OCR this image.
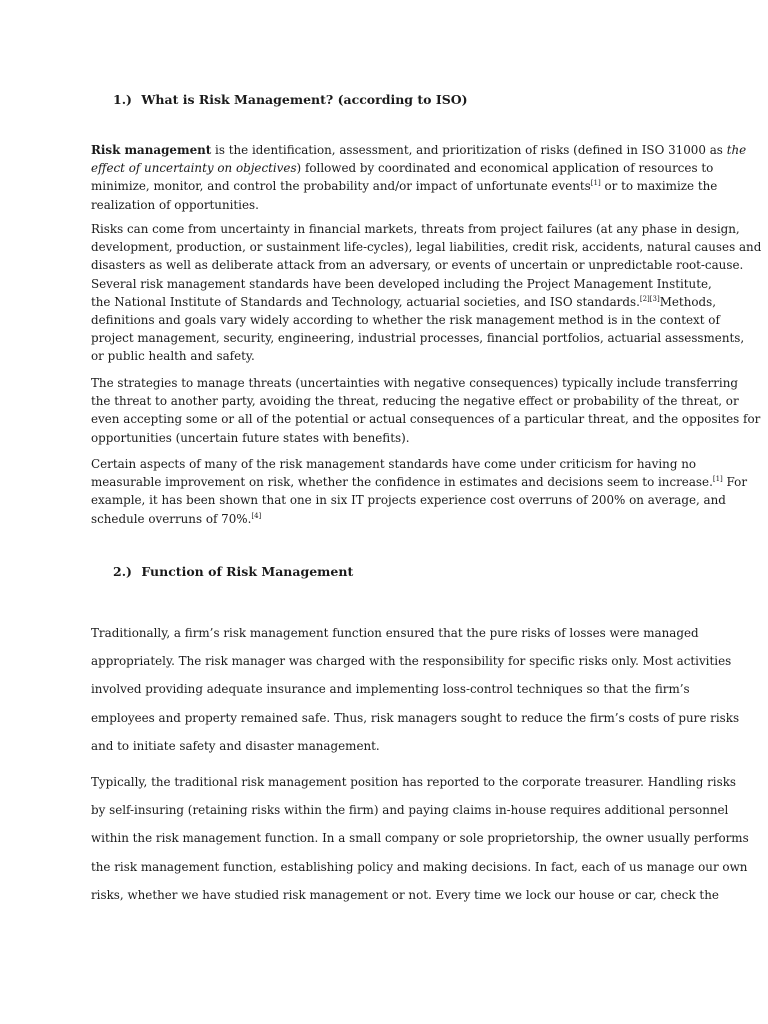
1.) What is Risk Management? (according to ISO)

Risk management is the identification, assessment, and prioritization of risks (defined in ISO 31000 as the
effect of uncertainty on objectives) followed by coordinated and economical application of resources to
minimize, monitor, and control the probability and/or impact of unfortunate events[1] or to maximize the
realization of opportunities.

Risks can come from uncertainty in financial markets, threats from project failures (at any phase in design,
development, production, or sustainment life-cycles), legal liabilities, credit risk, accidents, natural causes and
disasters as well as deliberate attack from an adversary, or events of uncertain or unpredictable root-cause.
Several risk management standards have been developed including the Project Management Institute,
the National Institute of Standards and Technology, actuarial societies, and ISO standards.[2][3]Methods,
definitions and goals vary widely according to whether the risk management method is in the context of
project management, security, engineering, industrial processes, financial portfolios, actuarial assessments,
or public health and safety.

The strategies to manage threats (uncertainties with negative consequences) typically include transferring
the threat to another party, avoiding the threat, reducing the negative effect or probability of the threat, or
even accepting some or all of the potential or actual consequences of a particular threat, and the opposites for
opportunities (uncertain future states with benefits).

Certain aspects of many of the risk management standards have come under criticism for having no
measurable improvement on risk, whether the confidence in estimates and decisions seem to increase.[1] For
example, it has been shown that one in six IT projects experience cost overruns of 200% on average, and
schedule overruns of 70%.[4]

2.) Function of Risk Management

Traditionally, a firm’s risk management function ensured that the pure risks of losses were managed
appropriately. The risk manager was charged with the responsibility for specific risks only. Most activities
involved providing adequate insurance and implementing loss-control techniques so that the firm’s
employees and property remained safe. Thus, risk managers sought to reduce the firm’s costs of pure risks
and to initiate safety and disaster management.

Typically, the traditional risk management position has reported to the corporate treasurer. Handling risks
by self-insuring (retaining risks within the firm) and paying claims in-house requires additional personnel
within the risk management function. In a small company or sole proprietorship, the owner usually performs
the risk management function, establishing policy and making decisions. In fact, each of us manage our own
risks, whether we have studied risk management or not. Every time we lock our house or car, check the
